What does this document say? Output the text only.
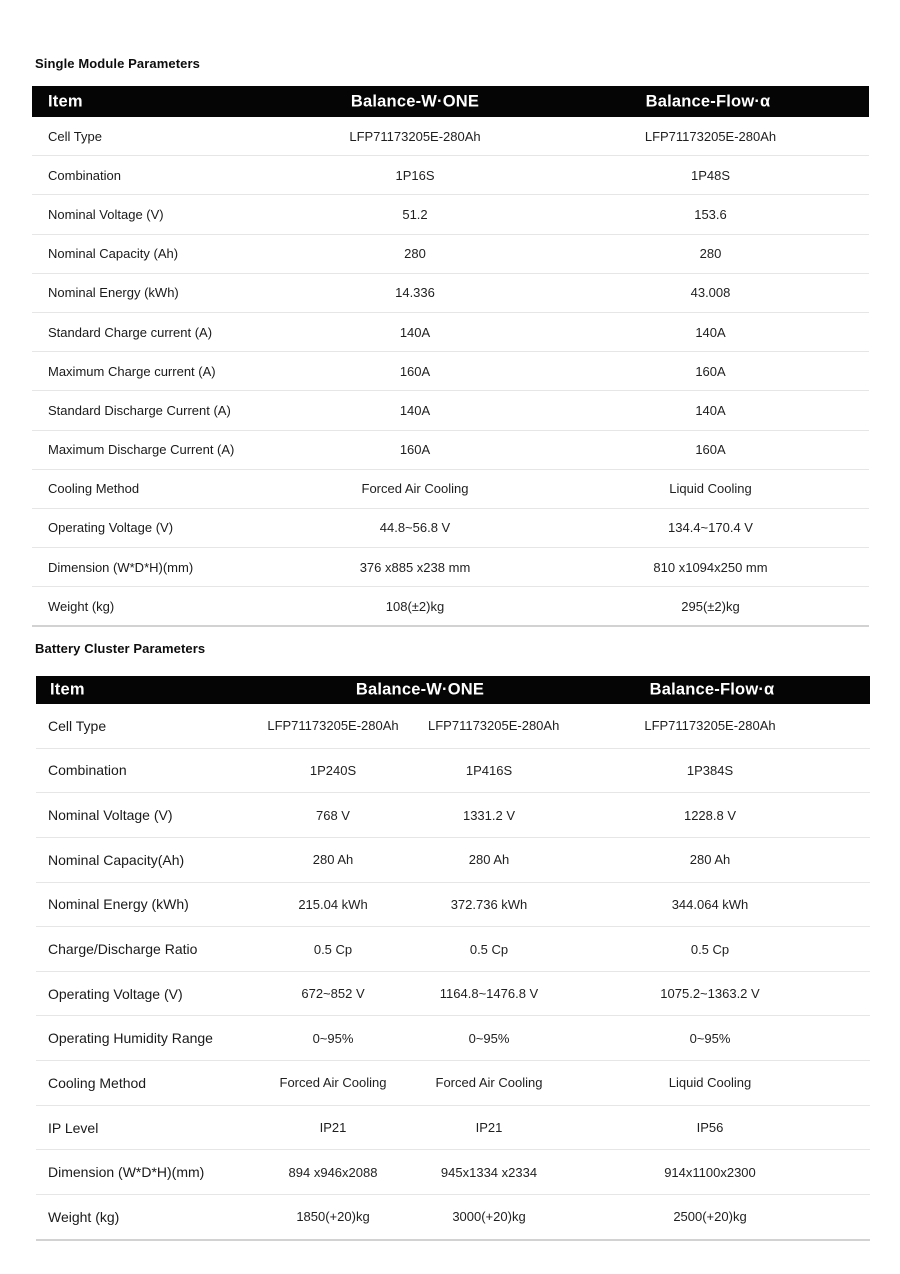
Single Module Parameters
Item	Balance-W·ONE	Balance-Flow·α
Cell Type	LFP71173205E-280Ah	LFP71173205E-280Ah
Combination	1P16S	1P48S
Nominal Voltage (V)	51.2	153.6
Nominal Capacity (Ah)	280	280
Nominal Energy (kWh)	14.336	43.008
Standard Charge current (A)	140A	140A
Maximum Charge current (A)	160A	160A
Standard Discharge Current (A)	140A	140A
Maximum Discharge Current (A)	160A	160A
Cooling Method	Forced Air Cooling	Liquid Cooling
Operating Voltage (V)	44.8~56.8 V	134.4~170.4 V
Dimension (W*D*H)(mm)	376 x885 x238 mm	810 x1094x250 mm
Weight (kg)	108(±2)kg	295(±2)kg
Battery Cluster Parameters
Item	Balance-W·ONE	Balance-Flow·α
Cell Type	LFP71173205E-280Ah	LFP71173205E-280Ah	LFP71173205E-280Ah
Combination	1P240S	1P416S	1P384S
Nominal Voltage (V)	768 V	1331.2 V	1228.8 V
Nominal Capacity(Ah)	280 Ah	280 Ah	280 Ah
Nominal Energy (kWh)	215.04 kWh	372.736 kWh	344.064 kWh
Charge/Discharge Ratio	0.5 Cp	0.5 Cp	0.5 Cp
Operating Voltage (V)	672~852 V	1164.8~1476.8 V	1075.2~1363.2 V
Operating Humidity Range	0~95%	0~95%	0~95%
Cooling Method	Forced Air Cooling	Forced Air Cooling	Liquid Cooling
IP Level	IP21	IP21	IP56
Dimension (W*D*H)(mm)	894 x946x2088	945x1334 x2334	914x1100x2300
Weight (kg)	1850(+20)kg	3000(+20)kg	2500(+20)kg
